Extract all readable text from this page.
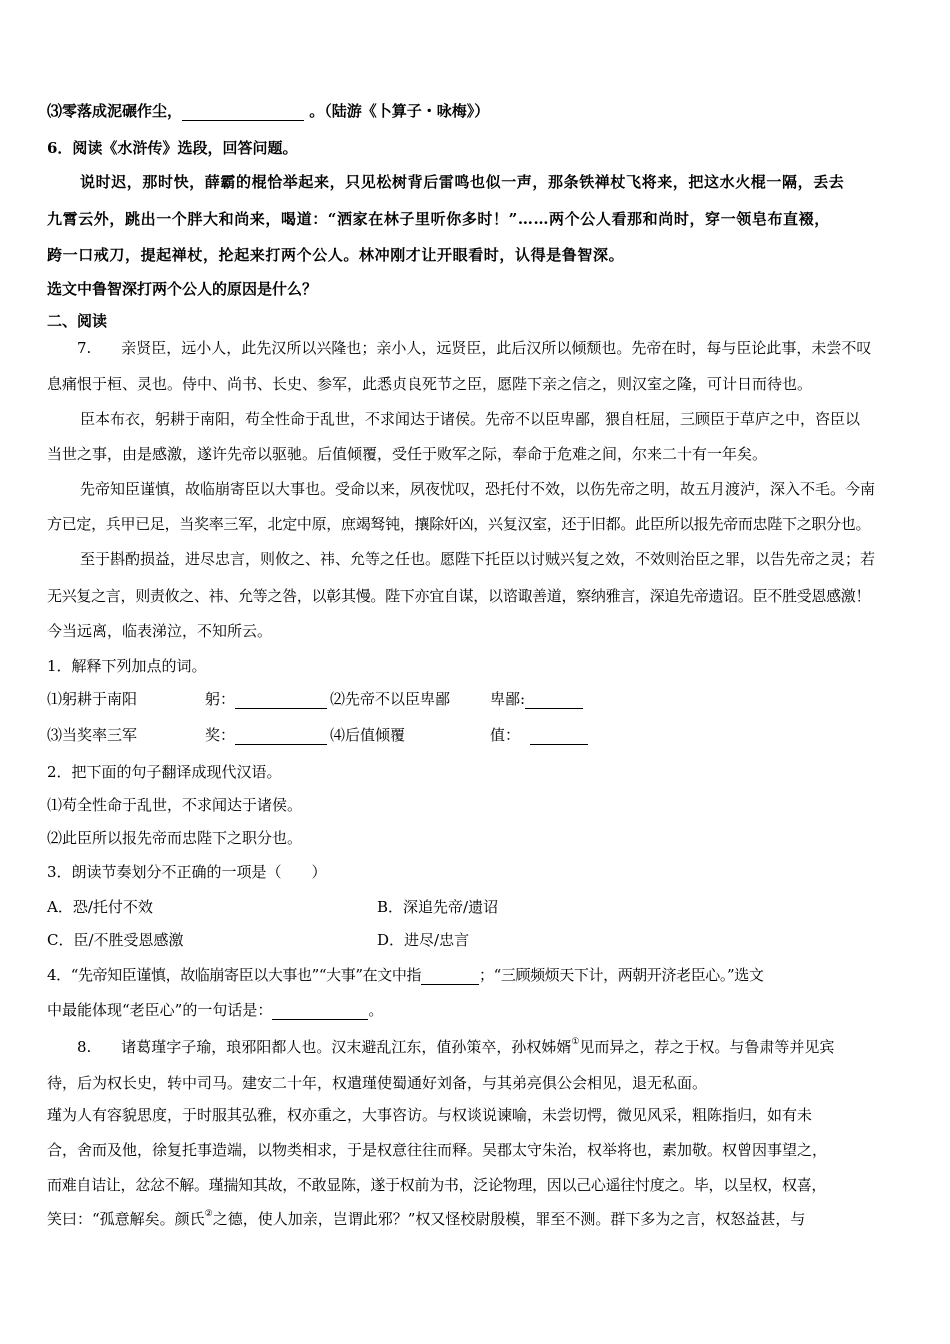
⑶零落成泥碾作尘，	。（陆游《卜算子・咏梅》）
6．阅读《水浒传》选段，回答问题。
说时迟，那时快，薛霸的棍恰举起来，只见松树背后雷鸣也似一声，那条铁禅杖飞将来，把这水火棍一隔，丢去
九霄云外，跳出一个胖大和尚来，喝道：“洒家在林子里听你多时！”……两个公人看那和尚时，穿一领皂布直裰，
跨一口戒刀，提起禅杖，抡起来打两个公人。林冲刚才让开眼看时，认得是鲁智深。
选文中鲁智深打两个公人的原因是什么？
二、阅读
7.　　亲贤臣，远小人，此先汉所以兴隆也；亲小人，远贤臣，此后汉所以倾颓也。先帝在时，每与臣论此事，未尝不叹
息痛恨于桓、灵也。侍中、尚书、长史、参军，此悉贞良死节之臣，愿陛下亲之信之，则汉室之隆，可计日而待也。
臣本布衣，躬耕于南阳，苟全性命于乱世，不求闻达于诸侯。先帝不以臣卑鄙，猥自枉屈，三顾臣于草庐之中，咨臣以
当世之事，由是感激，遂许先帝以驱驰。后值倾覆，受任于败军之际，奉命于危难之间，尔来二十有一年矣。
先帝知臣谨慎，故临崩寄臣以大事也。受命以来，夙夜忧叹，恐托付不效，以伤先帝之明，故五月渡泸，深入不毛。今南
方已定，兵甲已足，当奖率三军，北定中原，庶竭驽钝，攘除奸凶，兴复汉室，还于旧都。此臣所以报先帝而忠陛下之职分也。
至于斟酌损益，进尽忠言，则攸之、祎、允等之任也。愿陛下托臣以讨贼兴复之效，不效则治臣之罪，以告先帝之灵；若
无兴复之言，则责攸之、祎、允等之咎，以彰其慢。陛下亦宜自谋，以谘诹善道，察纳雅言，深追先帝遗诏。臣不胜受恩感激！
今当远离，临表涕泣，不知所云。
1．解释下列加点的词。
⑴躬耕于南阳	躬：	⑵先帝不以臣卑鄙	卑鄙:
⑶当奖率三军	奖：	⑷后值倾覆	值：
2．把下面的句子翻译成现代汉语。
⑴苟全性命于乱世，不求闻达于诸侯。
⑵此臣所以报先帝而忠陛下之职分也。
3．朗读节奏划分不正确的一项是（　　）
A．恐/托付不效	B．深追先帝/遗诏
C．臣/不胜受恩感激	D．进尽/忠言
4．“先帝知臣谨慎，故临崩寄臣以大事也”“大事”在文中指	；“三顾频烦天下计，两朝开济老臣心。”选文
中最能体现“老臣心”的一句话是：	。
8.　　诸葛瑾字子瑜，琅邪阳都人也。汉末避乱江东，值孙策卒，孙权姊婿①见而异之，荐之于权。与鲁肃等并见宾
待，后为权长史，转中司马。建安二十年，权遣瑾使蜀通好刘备，与其弟亮俱公会相见，退无私面。
瑾为人有容貌思度，于时服其弘雅，权亦重之，大事咨访。与权谈说谏喻，未尝切愕，微见风采，粗陈指归，如有未
合，舍而及他，徐复托事造端，以物类相求，于是权意往往而释。吴郡太守朱治，权举将也，素加敬。权曾因事望之，
而难自诘让，忿忿不解。瑾揣知其故，不敢显陈，遂于权前为书，泛论物理，因以己心遥往忖度之。毕，以呈权，权喜，
笑曰：“孤意解矣。颜氏②之德，使人加亲，岂谓此邪？”权又怪校尉殷模，罪至不测。群下多为之言，权怒益甚，与
